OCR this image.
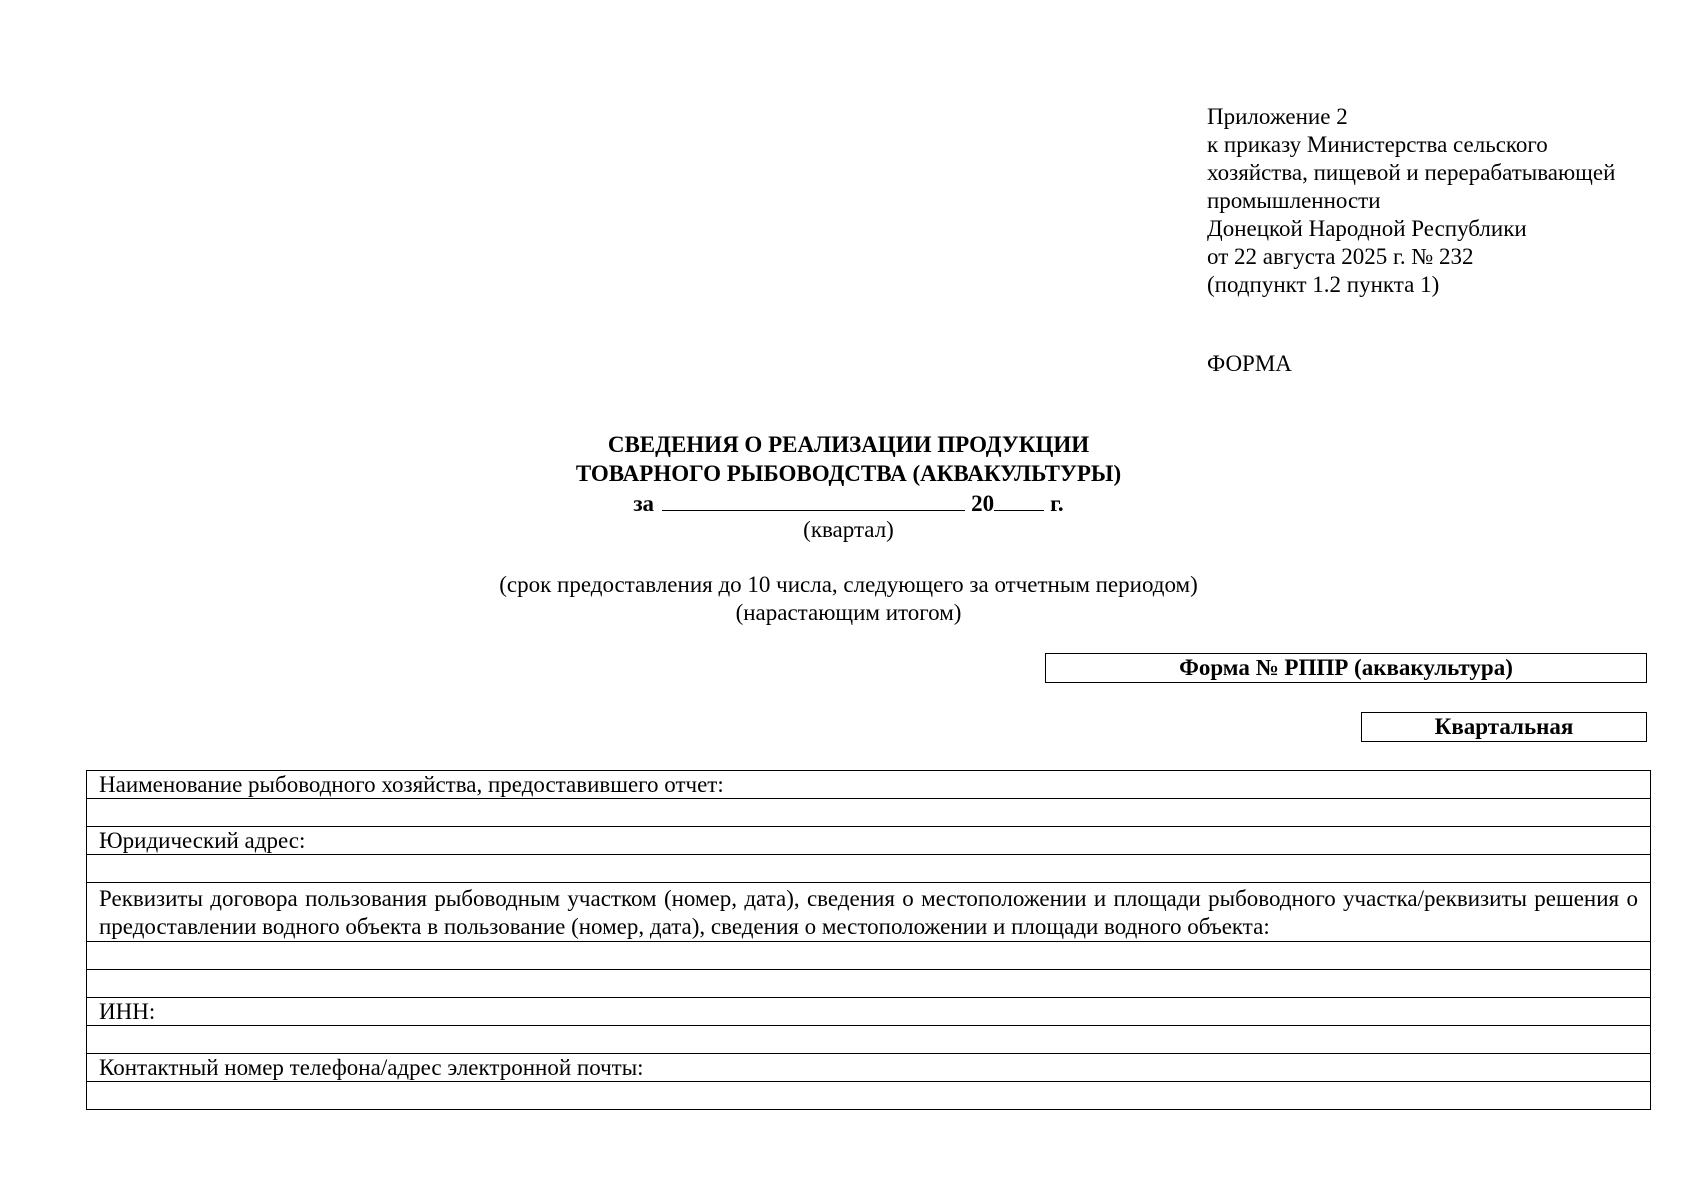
Приложение 2
к приказу Министерства сельского
хозяйства, пищевой и перерабатывающей
промышленности
Донецкой Народной Республики
от 22 августа 2025 г. № 232
(подпункт 1.2 пункта 1)
ФОРМА
СВЕДЕНИЯ О РЕАЛИЗАЦИИ ПРОДУКЦИИ
ТОВАРНОГО РЫБОВОДСТВА (АКВАКУЛЬТУРЫ)
за	20 г.
(квартал)
(срок предоставления до 10 числа, следующего за отчетным периодом)
(нарастающим итогом)
Форма № РППР (аквакультура)
Квартальная
Наименование рыбоводного хозяйства, предоставившего отчет:

Юридический адрес:

Реквизиты договора пользования рыбоводным участком (номер, дата), сведения о местоположении и площади рыбоводного участка/реквизиты решения о предоставлении водного объекта в пользование (номер, дата), сведения о местоположении и площади водного объекта:

ИНН:

Контактный номер телефона/адрес электронной почты:
